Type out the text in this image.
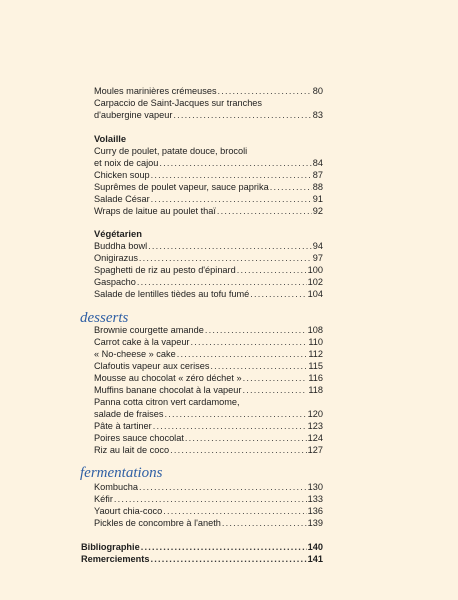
Moules marinières crémeuses .....	80
Carpaccio de Saint-Jacques sur tranches
d'aubergine vapeur .....	83
Volaille
Curry de poulet, patate douce, brocoli
et noix de cajou .....	84
Chicken soup .....	87
Suprêmes de poulet vapeur, sauce paprika .....	88
Salade César .....	91
Wraps de laitue au poulet thaï .....	92
Végétarien
Buddha bowl .....	94
Onigirazus .....	97
Spaghetti de riz au pesto d'épinard .....	100
Gaspacho .....	102
Salade de lentilles tièdes au tofu fumé .....	104
desserts
Brownie courgette amande .....	108
Carrot cake à la vapeur .....	110
« No-cheese » cake .....	112
Clafoutis vapeur aux cerises .....	115
Mousse au chocolat « zéro déchet » .....	116
Muffins banane chocolat à la vapeur .....	118
Panna cotta citron vert cardamome,
salade de fraises .....	120
Pâte à tartiner .....	123
Poires sauce chocolat .....	124
Riz au lait de coco .....	127
fermentations
Kombucha .....	130
Kéfir .....	133
Yaourt chia-coco .....	136
Pickles de concombre à l'aneth .....	139
Bibliographie .....	140
Remerciements .....	141
